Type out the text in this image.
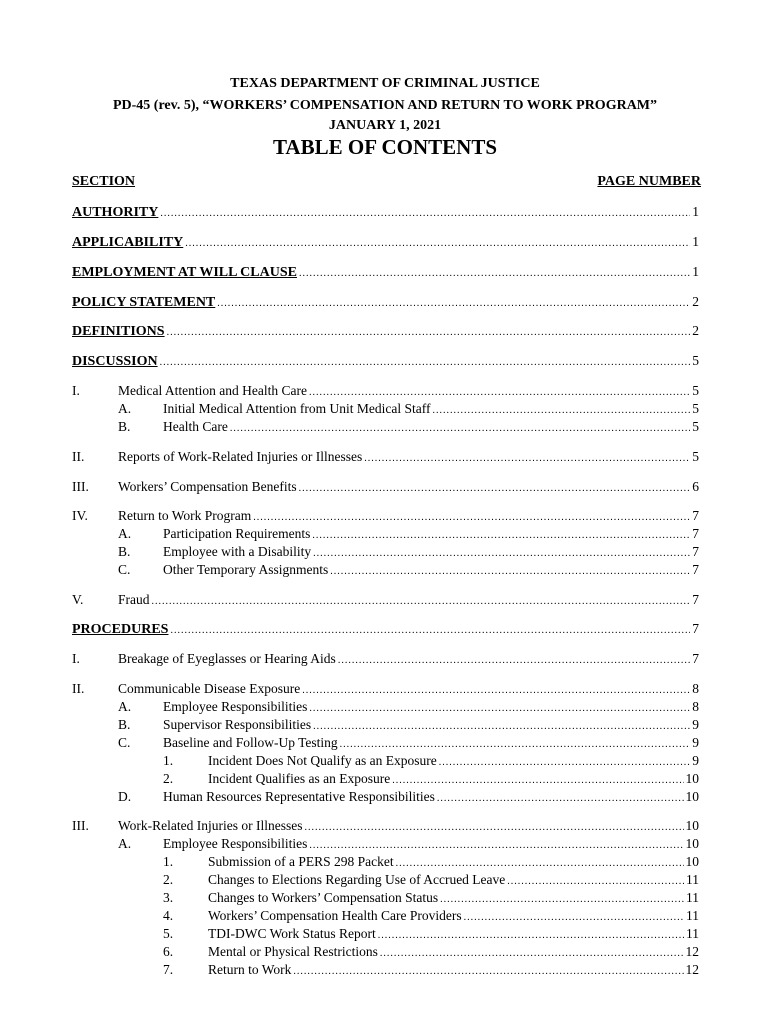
TEXAS DEPARTMENT OF CRIMINAL JUSTICE
PD-45 (rev. 5), “WORKERS’ COMPENSATION AND RETURN TO WORK PROGRAM”
JANUARY 1, 2021
TABLE OF CONTENTS
SECTION	PAGE NUMBER
AUTHORITY .....	1
APPLICABILITY .....	1
EMPLOYMENT AT WILL CLAUSE .....	1
POLICY STATEMENT .....	2
DEFINITIONS .....	2
DISCUSSION .....	5
I.	Medical Attention and Health Care .....	5
A. Initial Medical Attention from Unit Medical Staff .....	5
B. Health Care .....	5
II. Reports of Work-Related Injuries or Illnesses .....	5
III. Workers’ Compensation Benefits .....	6
IV. Return to Work Program .....	7
A. Participation Requirements .....	7
B. Employee with a Disability .....	7
C. Other Temporary Assignments .....	7
V.	Fraud .....	7
PROCEDURES .....	7
I.	Breakage of Eyeglasses or Hearing Aids .....	7
II. Communicable Disease Exposure .....	8
A. Employee Responsibilities .....	8
B. Supervisor Responsibilities .....	9
C. Baseline and Follow-Up Testing .....	9
1.	Incident Does Not Qualify as an Exposure .....	9
2.	Incident Qualifies as an Exposure .....	10
D. Human Resources Representative Responsibilities .....	10
III. Work-Related Injuries or Illnesses .....	10
A. Employee Responsibilities .....	10
1.	Submission of a PERS 298 Packet .....	10
2.	Changes to Elections Regarding Use of Accrued Leave .....	11
3.	Changes to Workers’ Compensation Status .....	11
4.	Workers’ Compensation Health Care Providers .....	11
5.	TDI-DWC Work Status Report .....	11
6.	Mental or Physical Restrictions .....	12
7.	Return to Work .....	12
